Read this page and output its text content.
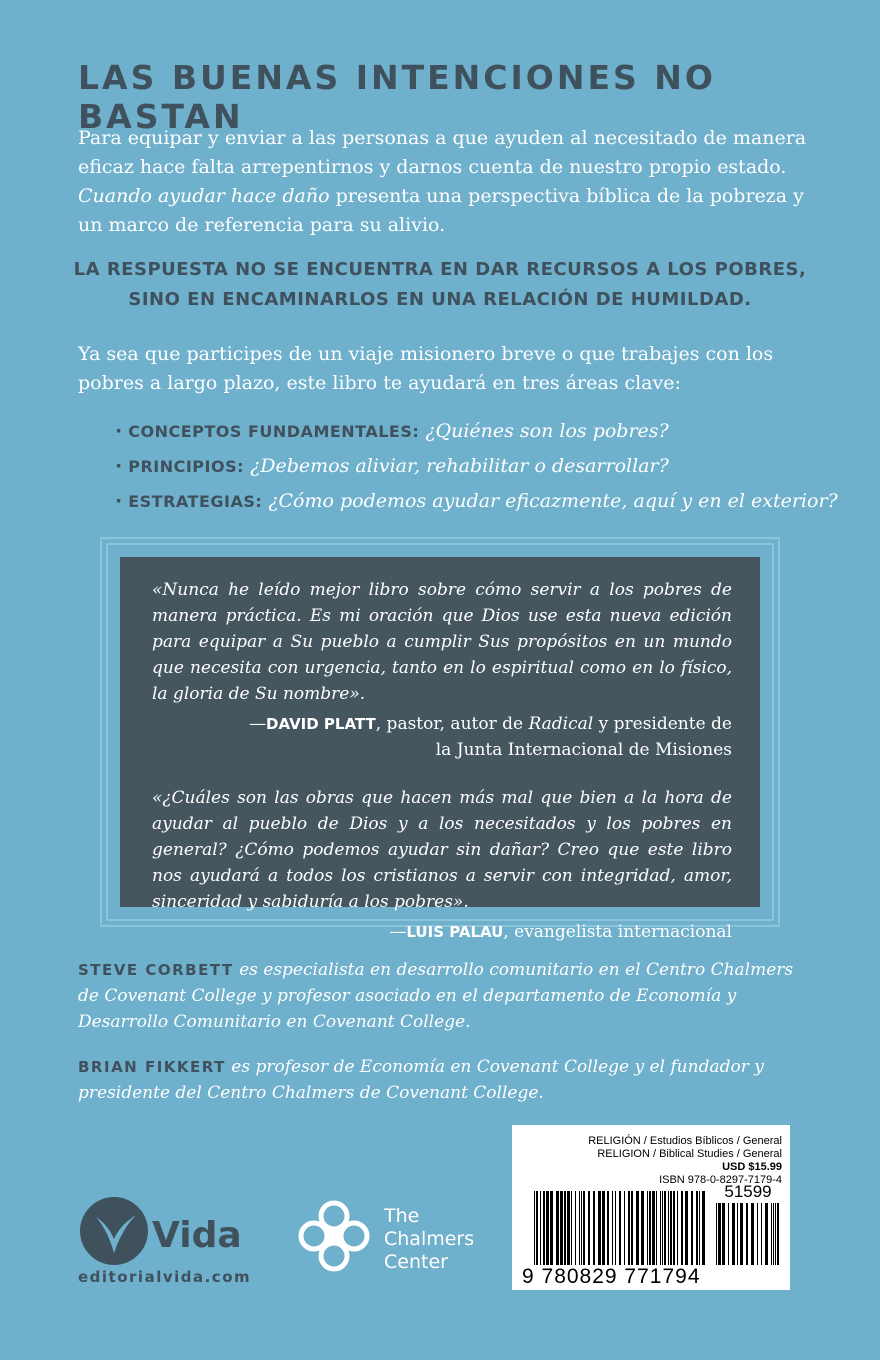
LAS BUENAS INTENCIONES NO BASTAN

Para equipar y enviar a las personas a que ayuden al necesitado de manera eficaz hace falta arrepentirnos y darnos cuenta de nuestro propio estado. Cuando ayudar hace daño presenta una perspectiva bíblica de la pobreza y un marco de referencia para su alivio.

LA RESPUESTA NO SE ENCUENTRA EN DAR RECURSOS A LOS POBRES,
SINO EN ENCAMINARLOS EN UNA RELACIÓN DE HUMILDAD.

Ya sea que participes de un viaje misionero breve o que trabajes con los pobres a largo plazo, este libro te ayudará en tres áreas clave:

· CONCEPTOS FUNDAMENTALES: ¿Quiénes son los pobres?
· PRINCIPIOS: ¿Debemos aliviar, rehabilitar o desarrollar?
· ESTRATEGIAS: ¿Cómo podemos ayudar eficazmente, aquí y en el exterior?

«Nunca he leído mejor libro sobre cómo servir a los pobres de manera práctica. Es mi oración que Dios use esta nueva edición para equipar a Su pueblo a cumplir Sus propósitos en un mundo que necesita con urgencia, tanto en lo espiritual como en lo físico, la gloria de Su nombre».

—DAVID PLATT, pastor, autor de Radical y presidente de
la Junta Internacional de Misiones

«¿Cuáles son las obras que hacen más mal que bien a la hora de ayudar al pueblo de Dios y a los necesitados y los pobres en general? ¿Cómo podemos ayudar sin dañar? Creo que este libro nos ayudará a todos los cristianos a servir con integridad, amor, sinceridad y sabiduría a los pobres».

—LUIS PALAU, evangelista internacional

STEVE CORBETT es especialista en desarrollo comunitario en el Centro Chalmers de Covenant College y profesor asociado en el departamento de Economía y Desarrollo Comunitario en Covenant College.

BRIAN FIKKERT es profesor de Economía en Covenant College y el fundador y presidente del Centro Chalmers de Covenant College.

Vida
editorialvida.com
The
Chalmers
Center
RELIGIÓN / Estudios Bíblicos / General
RELIGION / Biblical Studies / General
USD $15.99
ISBN 978-0-8297-7179-4
51599
9 780829 771794
